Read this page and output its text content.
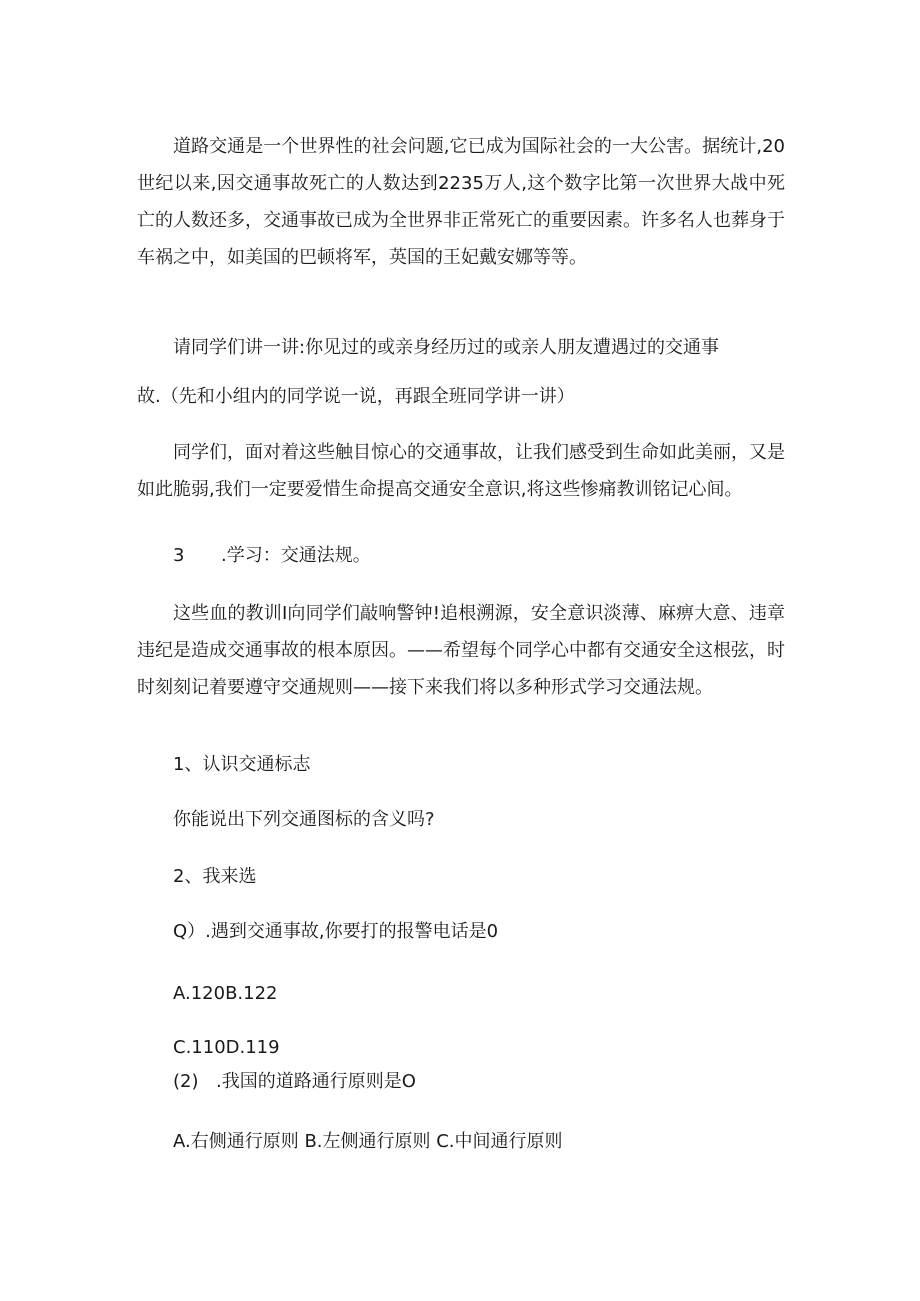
道路交通是一个世界性的社会问题,它已成为国际社会的一大公害。据统计,20世纪以来,因交通事故死亡的人数达到2235万人,这个数字比第一次世界大战中死亡的人数还多，交通事故已成为全世界非正常死亡的重要因素。许多名人也葬身于车祸之中，如美国的巴顿将军，英国的王妃戴安娜等等。

请同学们讲一讲:你见过的或亲身经历过的或亲人朋友遭遇过的交通事

故.（先和小组内的同学说一说，再跟全班同学讲一讲）

同学们，面对着这些触目惊心的交通事故，让我们感受到生命如此美丽，又是如此脆弱,我们一定要爱惜生命提高交通安全意识,将这些惨痛教训铭记心间。

3 .学习：交通法规。

这些血的教训I向同学们敲响警钟!追根溯源，安全意识淡薄、麻痹大意、违章违纪是造成交通事故的根本原因。——希望每个同学心中都有交通安全这根弦，时时刻刻记着要遵守交通规则——接下来我们将以多种形式学习交通法规。

1、认识交通标志

你能说出下列交通图标的含义吗?

2、我来选

Q）.遇到交通事故,你要打的报警电话是0

A.120B.122

C.110D.119

(2) .我国的道路通行原则是O

A.右侧通行原则 B.左侧通行原则 C.中间通行原则
